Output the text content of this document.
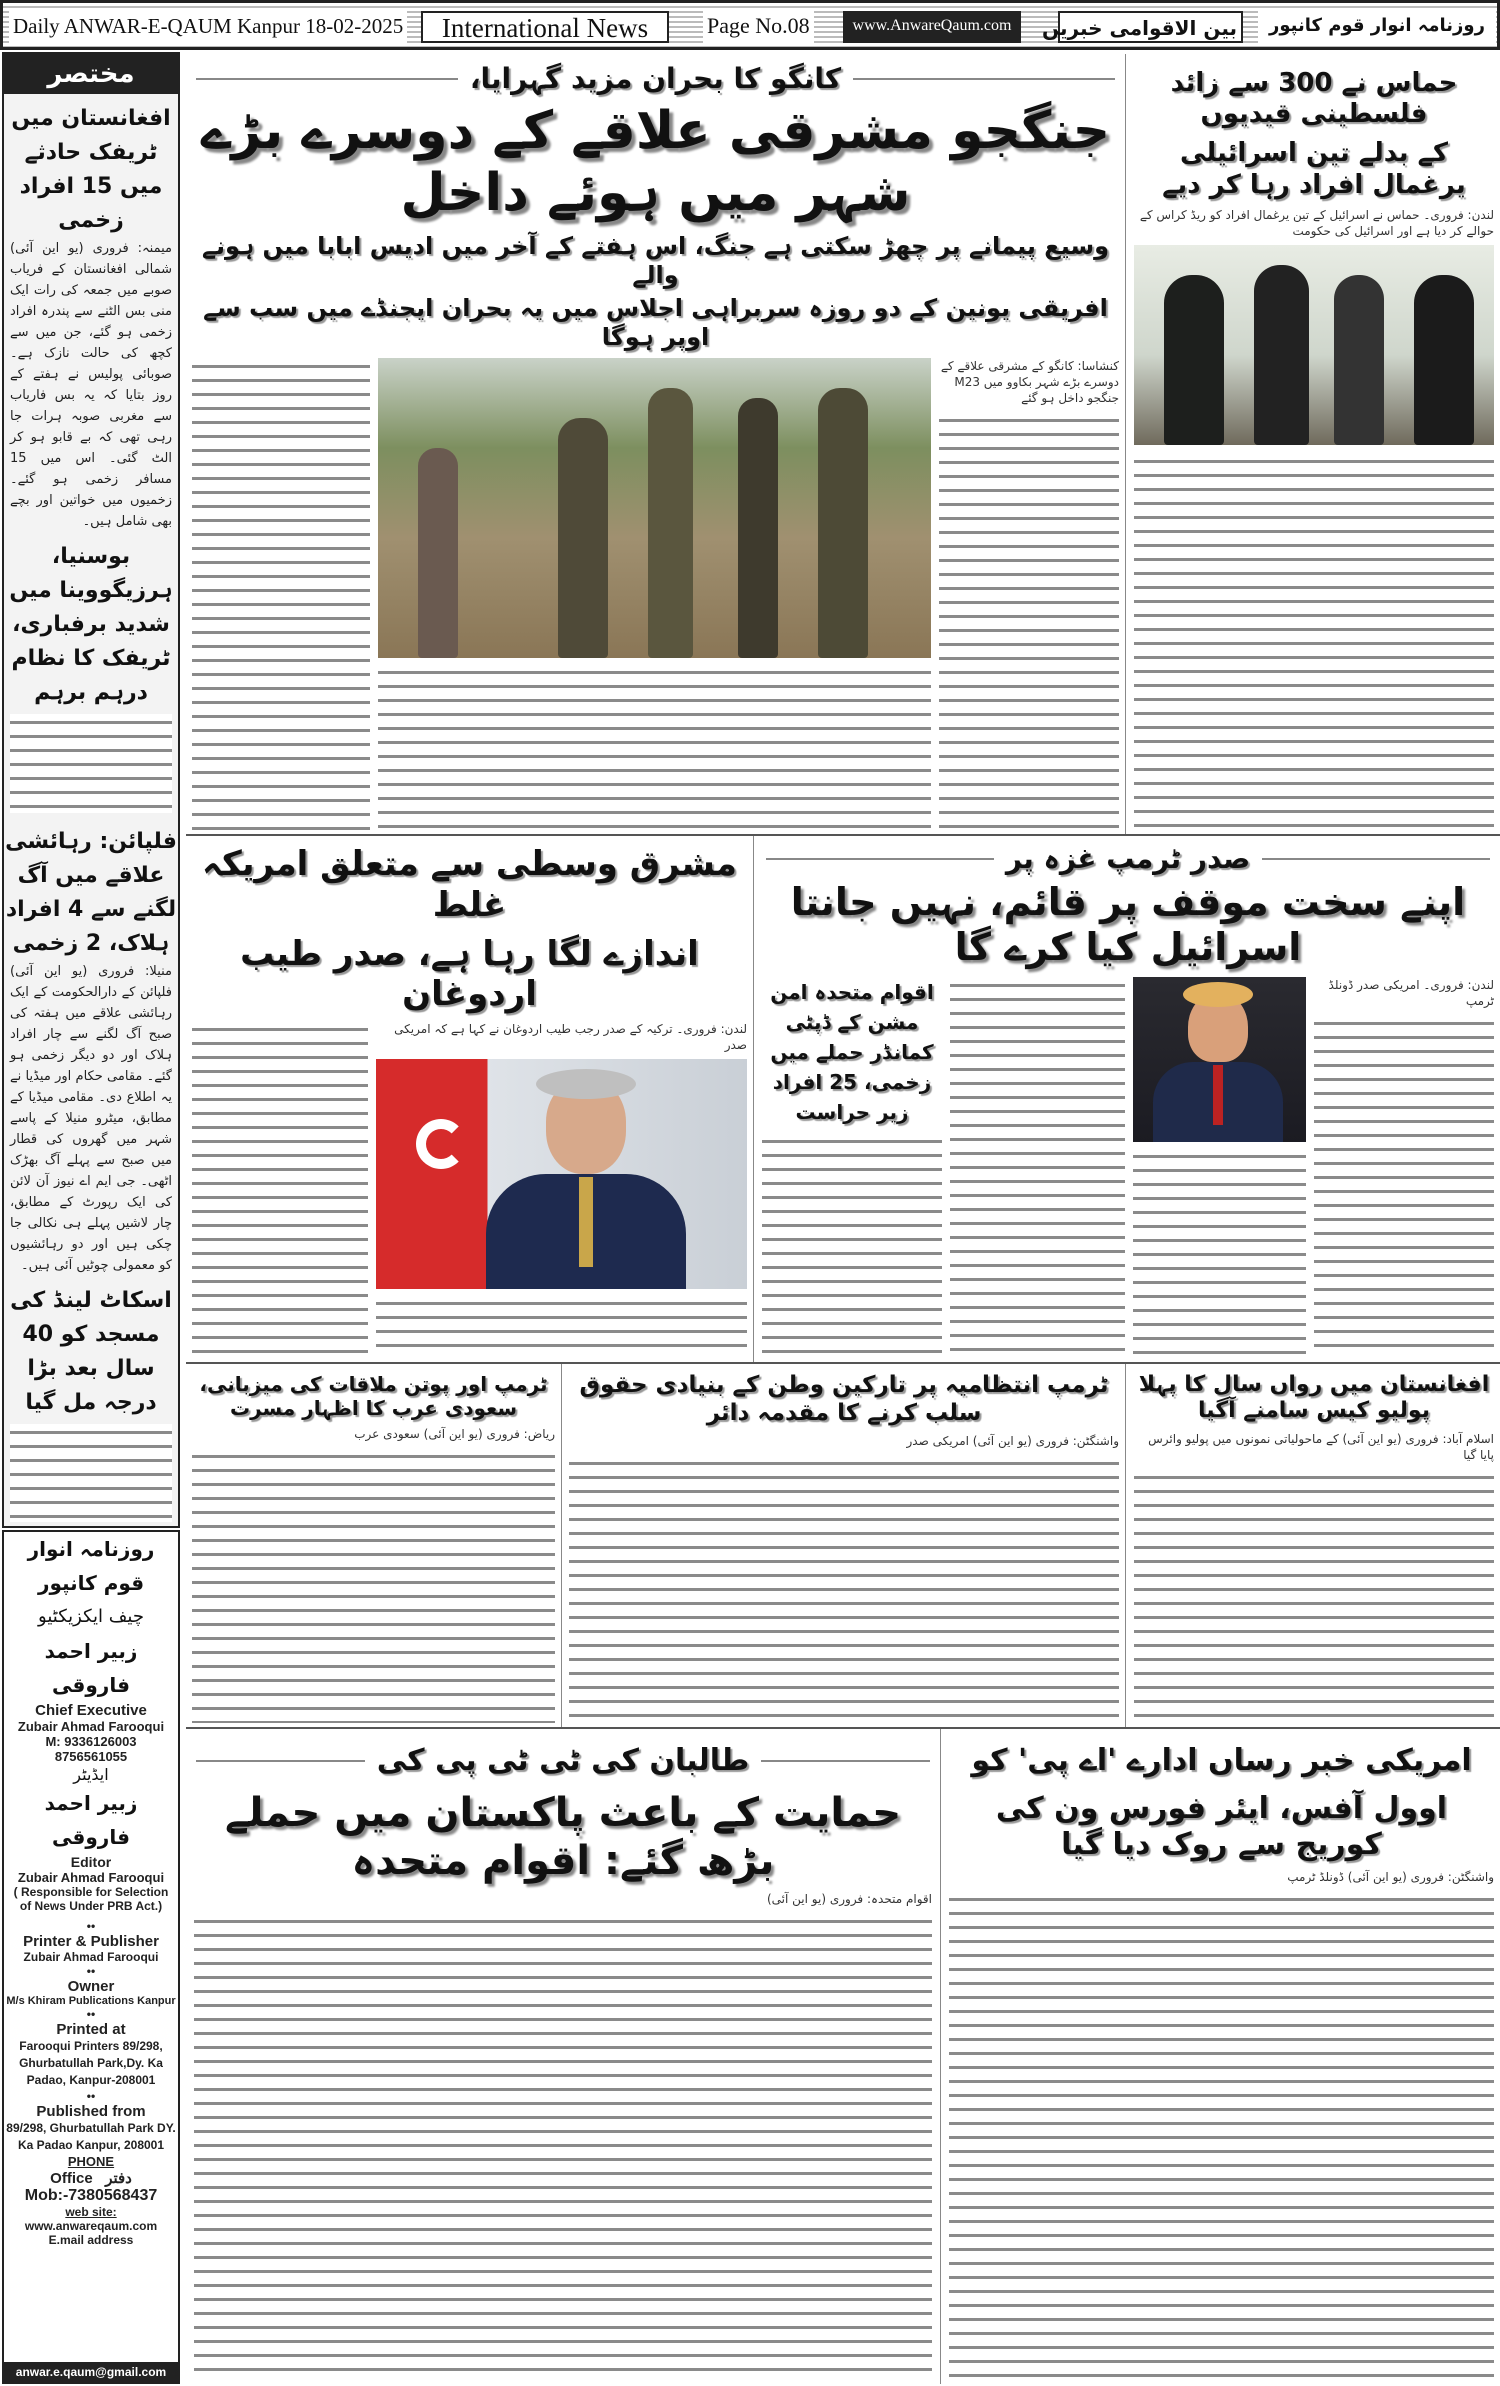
Daily ANWAR-E-QAUM Kanpur 18-02-2025	International News	Page No.08	www.AnwareQaum.com	بین الاقوامی خبریں	روزنامہ انوار قوم کانپور
مختصر
افغانستان میں ٹریفک حادثے میں 15 افراد زخمی
میمنہ: فروری (یو این آئی) شمالی افغانستان کے فریاب صوبے میں جمعہ کی رات ایک منی بس الٹنے سے پندرہ افراد زخمی ہو گئے، جن میں سے کچھ کی حالت نازک ہے۔ صوبائی پولیس نے ہفتے کے روز بتایا کہ یہ بس فاریاب سے مغربی صوبہ ہرات جا رہی تھی کہ بے قابو ہو کر الٹ گئی۔ اس میں 15 مسافر زخمی ہو گئے۔ زخمیوں میں خواتین اور بچے بھی شامل ہیں۔
بوسنیا، ہرزیگووینا میں شدید برفباری، ٹریفک کا نظام درہم برہم
فلپائن: رہائشی علاقے میں آگ لگنے سے 4 افراد ہلاک، 2 زخمی
منیلا: فروری (یو این آئی) فلپائن کے دارالحکومت کے ایک رہائشی علاقے میں ہفتہ کی صبح آگ لگنے سے چار افراد ہلاک اور دو دیگر زخمی ہو گئے۔ مقامی حکام اور میڈیا نے یہ اطلاع دی۔ مقامی میڈیا کے مطابق، میٹرو منیلا کے پاسے شہر میں گھروں کی قطار میں صبح سے پہلے آگ بھڑک اٹھی۔ جی ایم اے نیوز آن لائن کی ایک رپورٹ کے مطابق، چار لاشیں پہلے ہی نکالی جا چکی ہیں اور دو رہائشیوں کو معمولی چوٹیں آئی ہیں۔
اسکاٹ لینڈ کی مسجد کو 40 سال بعد بڑا درجہ مل گیا
روزنامہ انوار قوم کانپور
چیف ایکزیکٹیو
زبیر احمد فاروقی
Chief Executive
Zubair Ahmad Farooqui
M: 9336126003
8756561055
ایڈیٹر
زبیر احمد فاروقی
Editor
Zubair Ahmad Farooqui
( Responsible for Selection of News Under PRB Act.)
••
Printer & Publisher
Zubair Ahmad Farooqui
••
Owner
M/s Khiram Publications Kanpur
••
Printed at
Farooqui Printers 89/298, Ghurbatullah Park,Dy. Ka Padao, Kanpur-208001
••
Published from
89/298, Ghurbatullah Park DY. Ka Padao Kanpur, 208001
PHONE
Office دفتر
Mob:-7380568437
web site:
www.anwareqaum.com
E.mail address
anwar.e.qaum@gmail.com
حماس نے 300 سے زائد فلسطینی قیدیوں
کے بدلے تین اسرائیلی یرغمال افراد رہا کر دیے
لندن: فروری۔ حماس نے اسرائیل کے تین یرغمال افراد کو ریڈ کراس کے حوالے کر دیا ہے اور اسرائیل کی حکومت
کانگو کا بحران مزید گہرایا،
جنگجو مشرقی علاقے کے دوسرے بڑے شہر میں ہوئے داخل
وسیع پیمانے پر چھڑ سکتی ہے جنگ، اس ہفتے کے آخر میں ادیس ابابا میں ہونے والے
افریقی یونین کے دو روزہ سربراہی اجلاس میں یہ بحران ایجنڈے میں سب سے اوپر ہوگا
کنشاسا: کانگو کے مشرقی علاقے کے دوسرے بڑے شہر بکاوو میں M23 جنگجو داخل ہو گئے
صدر ٹرمپ غزہ پر
اپنے سخت موقف پر قائم، نہیں جانتا اسرائیل کیا کرے گا
اقوام متحدہ امن مشن کے ڈپٹی کمانڈر حملے میں زخمی، 25 افراد زیر حراست
لندن: فروری۔ امریکی صدر ڈونلڈ ٹرمپ
مشرق وسطی سے متعلق امریکہ غلط
اندازے لگا رہا ہے، صدر طیب اردوغان
لندن: فروری۔ ترکیہ کے صدر رجب طیب اردوغان نے کہا ہے کہ امریکی صدر
افغانستان میں رواں سال کا پہلا پولیو کیس سامنے آگیا
اسلام آباد: فروری (یو این آئی) کے ماحولیاتی نمونوں میں پولیو وائرس پایا گیا
ٹرمپ انتظامیہ پر تارکین وطن کے بنیادی حقوق سلب کرنے کا مقدمہ دائر
واشنگٹن: فروری (یو این آئی) امریکی صدر
ٹرمپ اور پوتن ملاقات کی میزبانی، سعودی عرب کا اظہار مسرت
ریاض: فروری (یو این آئی) سعودی عرب
امریکی خبر رساں ادارے 'اے پی' کو
اوول آفس، ایئر فورس ون کی کوریج سے روک دیا گیا
واشنگٹن: فروری (یو این آئی) ڈونلڈ ٹرمپ
طالبان کی ٹی ٹی پی کی
حمایت کے باعث پاکستان میں حملے بڑھ گئے: اقوام متحدہ
اقوام متحدہ: فروری (یو این آئی)
